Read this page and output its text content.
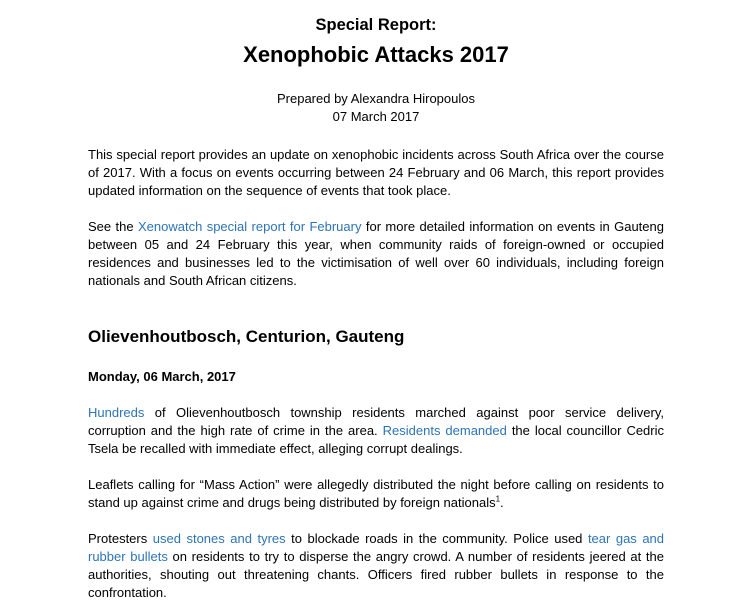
Special Report:
Xenophobic Attacks 2017
Prepared by Alexandra Hiropoulos
07 March 2017

This special report provides an update on xenophobic incidents across South Africa over the course of 2017. With a focus on events occurring between 24 February and 06 March, this report provides updated information on the sequence of events that took place.

See the Xenowatch special report for February for more detailed information on events in Gauteng between 05 and 24 February this year, when community raids of foreign-owned or occupied residences and businesses led to the victimisation of well over 60 individuals, including foreign nationals and South African citizens.

Olievenhoutbosch, Centurion, Gauteng
Monday, 06 March, 2017

Hundreds of Olievenhoutbosch township residents marched against poor service delivery, corruption and the high rate of crime in the area. Residents demanded the local councillor Cedric Tsela be recalled with immediate effect, alleging corrupt dealings.

Leaflets calling for “Mass Action” were allegedly distributed the night before calling on residents to stand up against crime and drugs being distributed by foreign nationals$^1$.

Protesters used stones and tyres to blockade roads in the community. Police used tear gas and rubber bullets on residents to try to disperse the angry crowd. A number of residents jeered at the authorities, shouting out threatening chants. Officers fired rubber bullets in response to the confrontation.
